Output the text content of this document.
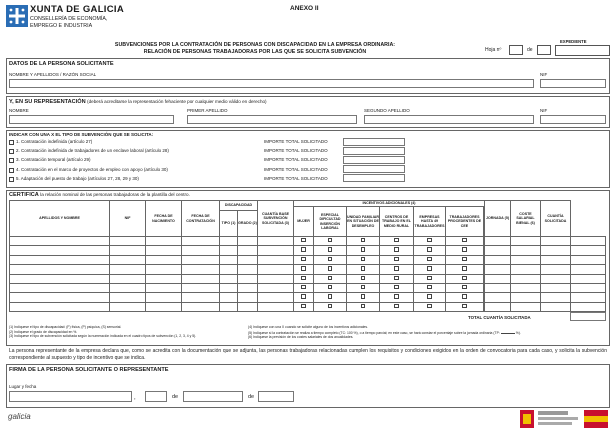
XUNTA DE GALICIA
CONSELLERÍA DE ECONOMÍA,
EMPREGO E INDUSTRIA
ANEXO II
EXPEDIENTE
SUBVENCIONES POR LA CONTRATACIÓN DE PERSONAS CON DISCAPACIDAD EN LA EMPRESA ORDINARIA:
RELACIÓN DE PERSONAS TRABAJADORAS POR LAS QUE SE SOLICITA SUBVENCIÓN	Hoja nº	de
DATOS DE LA PERSONA SOLICITANTE
NOMBRE Y APELLIDOS / RAZÓN SOCIAL	NIF
Y, EN SU REPRESENTACIÓN (deberá acreditarse la representación fehaciente por cualquier medio válido en derecho)
NOMBRE	PRIMER APELLIDO	SEGUNDO APELLIDO	NIF
INDICAR CON UNA X EL TIPO DE SUBVENCIÓN QUE SE SOLICITA:
1. Contratación indefinida (artículo 27)	IMPORTE TOTAL SOLICITADO
2. Contratación indefinida de trabajadores de un enclave laboral (artículo 28)	IMPORTE TOTAL SOLICITADO
3. Contratación temporal (artículo 29)	IMPORTE TOTAL SOLICITADO
4. Contratación en el marco de proyectos de empleo con apoyo (artículo 30)	IMPORTE TOTAL SOLICITADO
5. Adaptación del puesto de trabajo (artículos 27, 28, 29 y 30)	IMPORTE TOTAL SOLICITADO
CERTIFICA la relación nominal de las personas trabajadoras de la plantilla del centro.
APELLIDOS Y NOMBRE	NIF	FECHA DE NACIMIENTO	FECHA DE CONTRATACIÓN	DISCAPACIDAD		CUANTÍA BASE SUBVENCIÓN SOLICITADA (3)	INCENTIVOS ADICIONALES (4)						JORNADA (5)	COSTE SALARIAL BIENAL (6)	CUANTÍA SOLICITADA	
							MUJER	ESPECIAL DIFICULTAD INSERCIÓN LABORAL	UNIDAD FAMILIAR EN SITUACIÓN DE DESEMPLEO	CENTROS DE TRABAJO EN EL MEDIO RURAL	EMPRESAS HASTA 49 TRABAJADORES	TRABAJADORES PROCEDENTES DE CEE				
				TIPO (1)	GRADO (2)											

TOTAL CUANTÍA SOLICITADA
(1) Indíquese el tipo de discapacidad: (F) física, (P) psíquica, (S) sensorial.
(2) Indíquese el grado de discapacidad en %.
(3) Indíquese el tipo de subvención solicitada según la numeración indicada en el cuadro tipos de subvención (1, 2, 3, 4 y 5).
(4) Indíquese con una X cuando se solicite alguno de los incentivos adicionales.
(5) Indíquese si la contratación se realiza a tiempo completo (TC: 100 %), o a tiempo parcial; en este caso, se hará constar el porcentaje sobre la jornada ordinaria (TP:	%).
(6) Indíquese la previsión de los costes salariales de dos anualidades.
La persona representante de la empresa declara que, como se acredita con la documentación que se adjunta, las personas trabajadoras relacionadas cumplen los requisitos y condiciones exigidos en la orden de convocatoria para cada caso, y solicita la subvención correspondiente al supuesto y tipo de incentivo que se indica.
FIRMA DE LA PERSONA SOLICITANTE O REPRESENTANTE
Lugar y fecha
,	de	de
galicia
